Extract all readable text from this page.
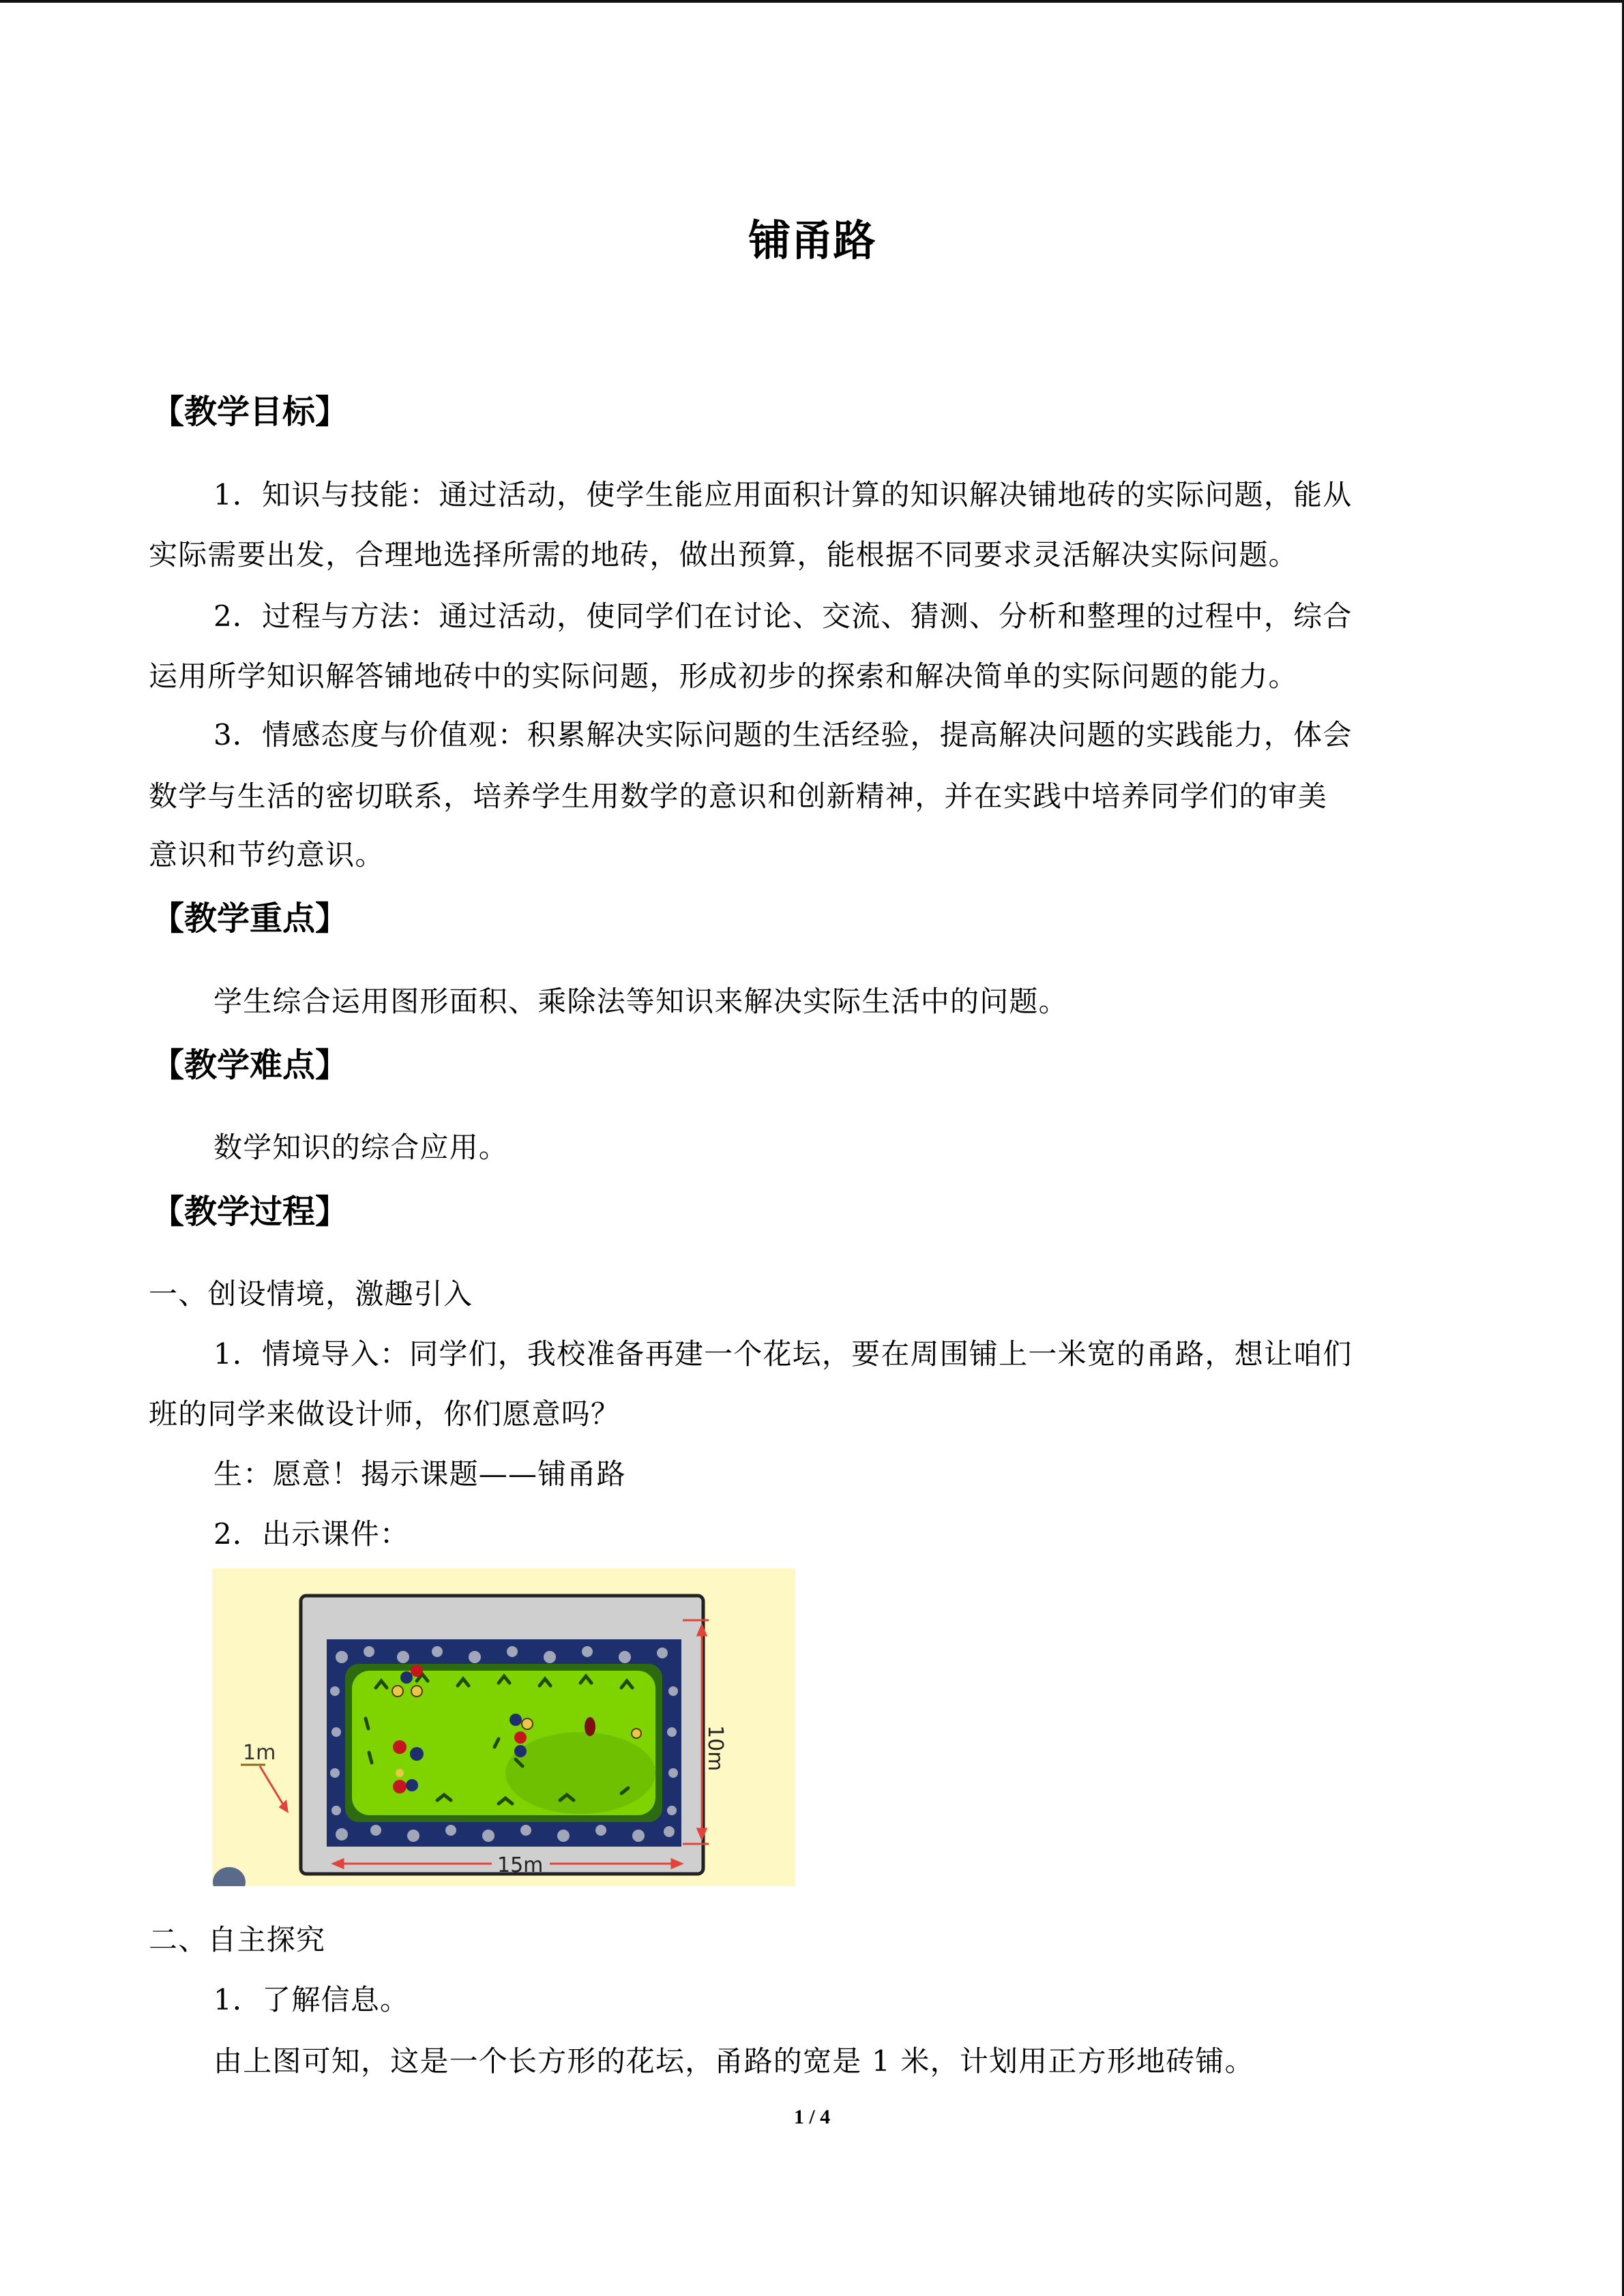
铺甬路
【教学目标】
1．知识与技能：通过活动，使学生能应用面积计算的知识解决铺地砖的实际问题，能从
实际需要出发，合理地选择所需的地砖，做出预算，能根据不同要求灵活解决实际问题。
2．过程与方法：通过活动，使同学们在讨论、交流、猜测、分析和整理的过程中，综合
运用所学知识解答铺地砖中的实际问题，形成初步的探索和解决简单的实际问题的能力。
3．情感态度与价值观：积累解决实际问题的生活经验，提高解决问题的实践能力，体会
数学与生活的密切联系，培养学生用数学的意识和创新精神，并在实践中培养同学们的审美
意识和节约意识。
【教学重点】
学生综合运用图形面积、乘除法等知识来解决实际生活中的问题。
【教学难点】
数学知识的综合应用。
【教学过程】
一、创设情境，激趣引入
1．情境导入：同学们，我校准备再建一个花坛，要在周围铺上一米宽的甬路，想让咱们
班的同学来做设计师，你们愿意吗？
生：愿意！揭示课题——铺甬路
2．出示课件：
1m
15m
10m
二、自主探究
1．了解信息。
由上图可知，这是一个长方形的花坛，甬路的宽是 1 米，计划用正方形地砖铺。
1 / 4
